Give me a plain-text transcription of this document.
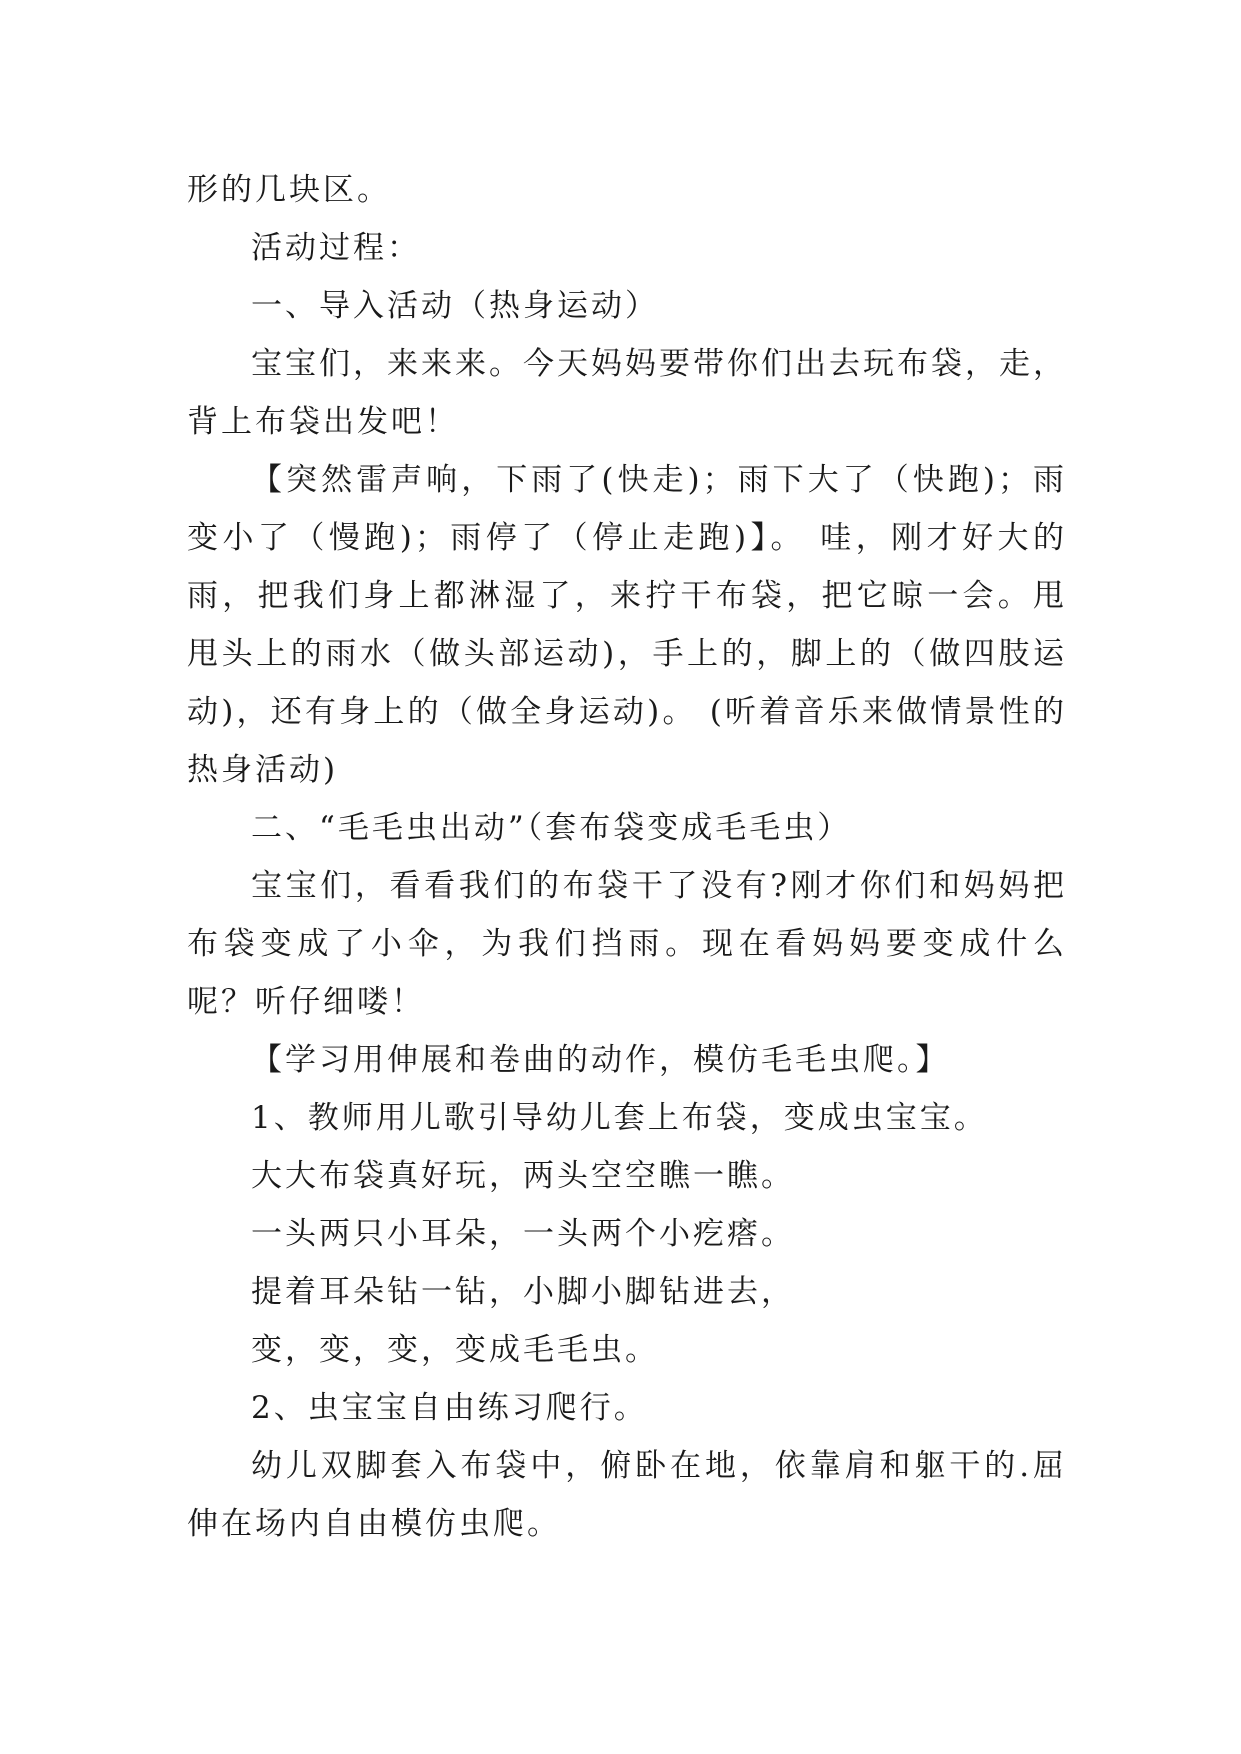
形的几块区。

活动过程：

一、导入活动（热身运动）

宝宝们，来来来。今天妈妈要带你们出去玩布袋，走，背上布袋出发吧！

【突然雷声响，下雨了(快走)；雨下大了（快跑)；雨变小了（慢跑)；雨停了（停止走跑)】。 哇，刚才好大的雨，把我们身上都淋湿了，来拧干布袋，把它晾一会。甩甩头上的雨水（做头部运动)，手上的，脚上的（做四肢运动)，还有身上的（做全身运动)。 (听着音乐来做情景性的热身活动)

二、“毛毛虫出动”（套布袋变成毛毛虫）

宝宝们，看看我们的布袋干了没有?刚才你们和妈妈把布袋变成了小伞，为我们挡雨。现在看妈妈要变成什么呢？听仔细喽！

【学习用伸展和卷曲的动作，模仿毛毛虫爬。】

1、教师用儿歌引导幼儿套上布袋，变成虫宝宝。

大大布袋真好玩，两头空空瞧一瞧。

一头两只小耳朵，一头两个小疙瘩。

提着耳朵钻一钻，小脚小脚钻进去，

变，变，变，变成毛毛虫。

2、虫宝宝自由练习爬行。

幼儿双脚套入布袋中，俯卧在地，依靠肩和躯干的.屈伸在场内自由模仿虫爬。
